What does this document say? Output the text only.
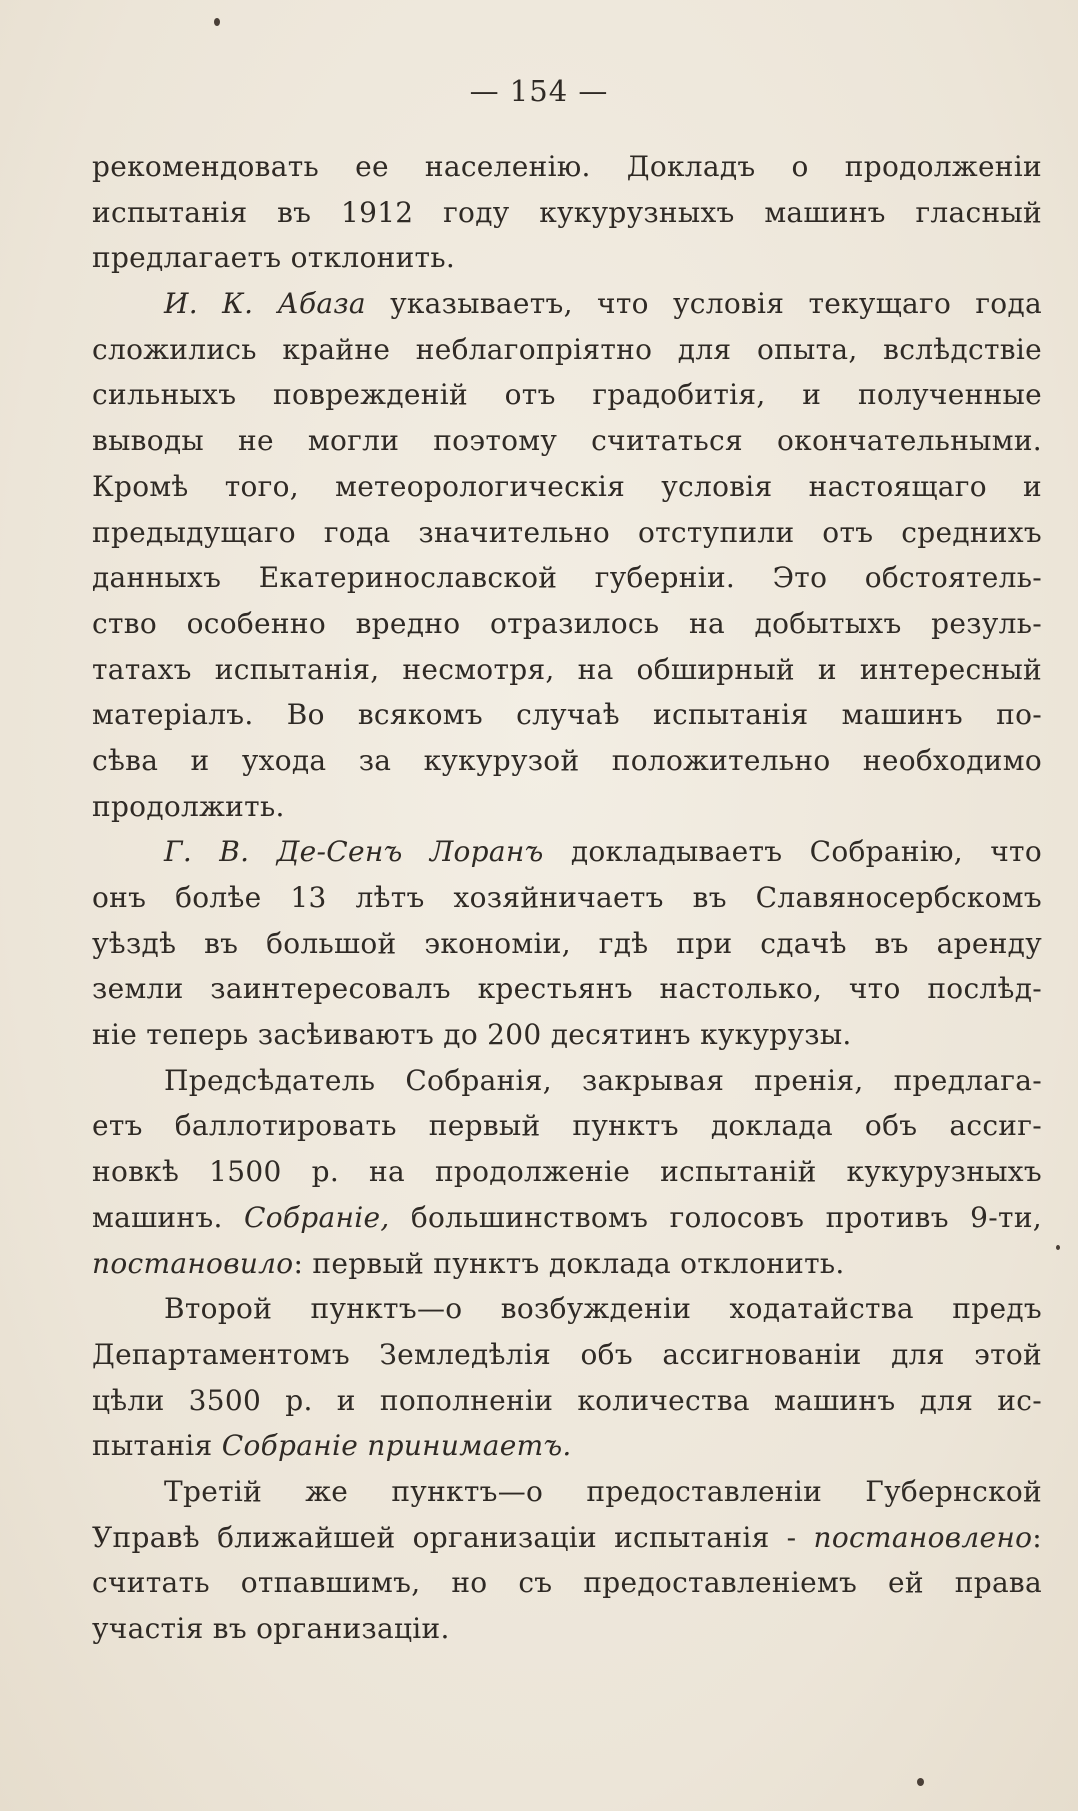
— 154 —
рекомендовать ее населенію. Докладъ о продолженіи
испытанія въ 1912 году кукурузныхъ машинъ гласный
предлагаетъ отклонить.
И. К. Абаза указываетъ, что условія текущаго года
сложились крайне неблагопріятно для опыта, вслѣдствіе
сильныхъ поврежденій отъ градобитія, и полученные
выводы не могли поэтому считаться окончательными.
Кромѣ того, метеорологическія условія настоящаго и
предыдущаго года значительно отступили отъ среднихъ
данныхъ Екатеринославской губерніи. Это обстоятель-
ство особенно вредно отразилось на добытыхъ резуль-
татахъ испытанія, несмотря, на обширный и интересный
матеріалъ. Во всякомъ случаѣ испытанія машинъ по-
сѣва и ухода за кукурузой положительно необходимо
продолжить.
Г. В. Де-Сенъ Лоранъ докладываетъ Собранію, что
онъ болѣе 13 лѣтъ хозяйничаетъ въ Славяносербскомъ
уѣздѣ въ большой экономіи, гдѣ при сдачѣ въ аренду
земли заинтересовалъ крестьянъ настолько, что послѣд-
ніе теперь засѣиваютъ до 200 десятинъ кукурузы.
Предсѣдатель Собранія, закрывая пренія, предлага-
етъ баллотировать первый пунктъ доклада объ ассиг-
новкѣ 1500 р. на продолженіе испытаній кукурузныхъ
машинъ. Собраніе, большинствомъ голосовъ противъ 9-ти,
постановило: первый пунктъ доклада отклонить.
Второй пунктъ—о возбужденіи ходатайства предъ
Департаментомъ Земледѣлія объ ассигнованіи для этой
цѣли 3500 р. и пополненіи количества машинъ для ис-
пытанія Собраніе принимаетъ.
Третій же пунктъ—о предоставленіи Губернской
Управѣ ближайшей организаціи испытанія - постановлено:
считать отпавшимъ, но съ предоставленіемъ ей права
участія въ организаціи.
